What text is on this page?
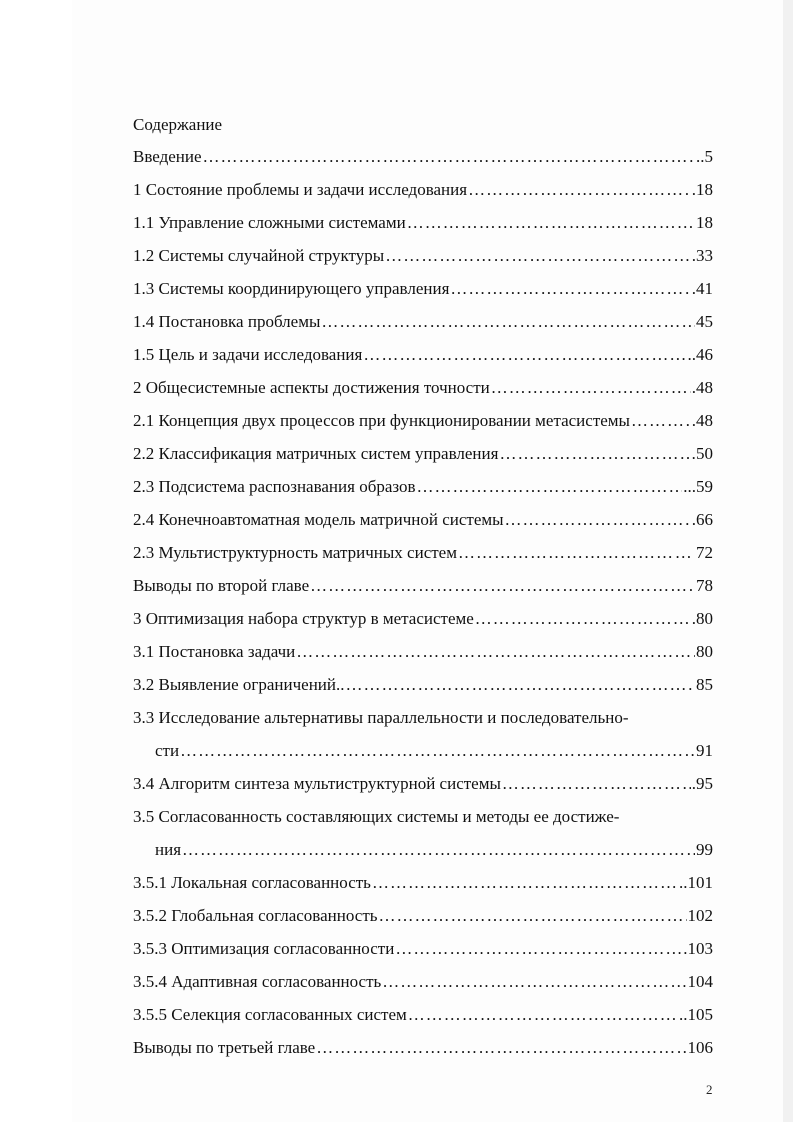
Содержание
Введение …………………………………………………………………………………………………………………………………………	..5
1 Состояние проблемы и задачи исследования …………………………………………………………………………………………………………………………………………	.18
1.1 Управление сложными системами …………………………………………………………………………………………………………………………………………	18
1.2 Системы случайной структуры …………………………………………………………………………………………………………………………………………	.33
1.3 Системы координирующего управления …………………………………………………………………………………………………………………………………………	.41
1.4 Постановка проблемы …………………………………………………………………………………………………………………………………………	45
1.5 Цель и задачи исследования …………………………………………………………………………………………………………………………………………	..46
2 Общесистемные аспекты достижения точности …………………………………………………………………………………………………………………………………………	.48
2.1 Концепция двух процессов при функционировании метасистемы …………………………………………………………………………………………………………………………………………	.48
2.2 Классификация матричных систем управления …………………………………………………………………………………………………………………………………………	50
2.3 Подсистема распознавания образов …………………………………………………………………………………………………………………………………………	...59
2.4 Конечноавтоматная модель матричной системы …………………………………………………………………………………………………………………………………………	.66
2.3 Мультиструктурность матричных систем …………………………………………………………………………………………………………………………………………	… 72
Выводы по второй главе …………………………………………………………………………………………………………………………………………	78
3 Оптимизация набора структур в метасистеме …………………………………………………………………………………………………………………………………………	.80
3.1 Постановка задачи …………………………………………………………………………………………………………………………………………	80
3.2 Выявление ограничений.. …………………………………………………………………………………………………………………………………………	85
3.3 Исследование альтернативы параллельности и последовательно-
сти …………………………………………………………………………………………………………………………………………	91
3.4 Алгоритм синтеза мультиструктурной системы …………………………………………………………………………………………………………………………………………	.95
3.5 Согласованность составляющих системы и методы ее достиже-
ния …………………………………………………………………………………………………………………………………………	99
3.5.1 Локальная согласованность …………………………………………………………………………………………………………………………………………	..101
3.5.2 Глобальная согласованность …………………………………………………………………………………………………………………………………………	102
3.5.3 Оптимизация согласованности …………………………………………………………………………………………………………………………………………	.103
3.5.4 Адаптивная согласованность …………………………………………………………………………………………………………………………………………	104
3.5.5 Селекция согласованных систем …………………………………………………………………………………………………………………………………………	..105
Выводы по третьей главе …………………………………………………………………………………………………………………………………………	106
2
